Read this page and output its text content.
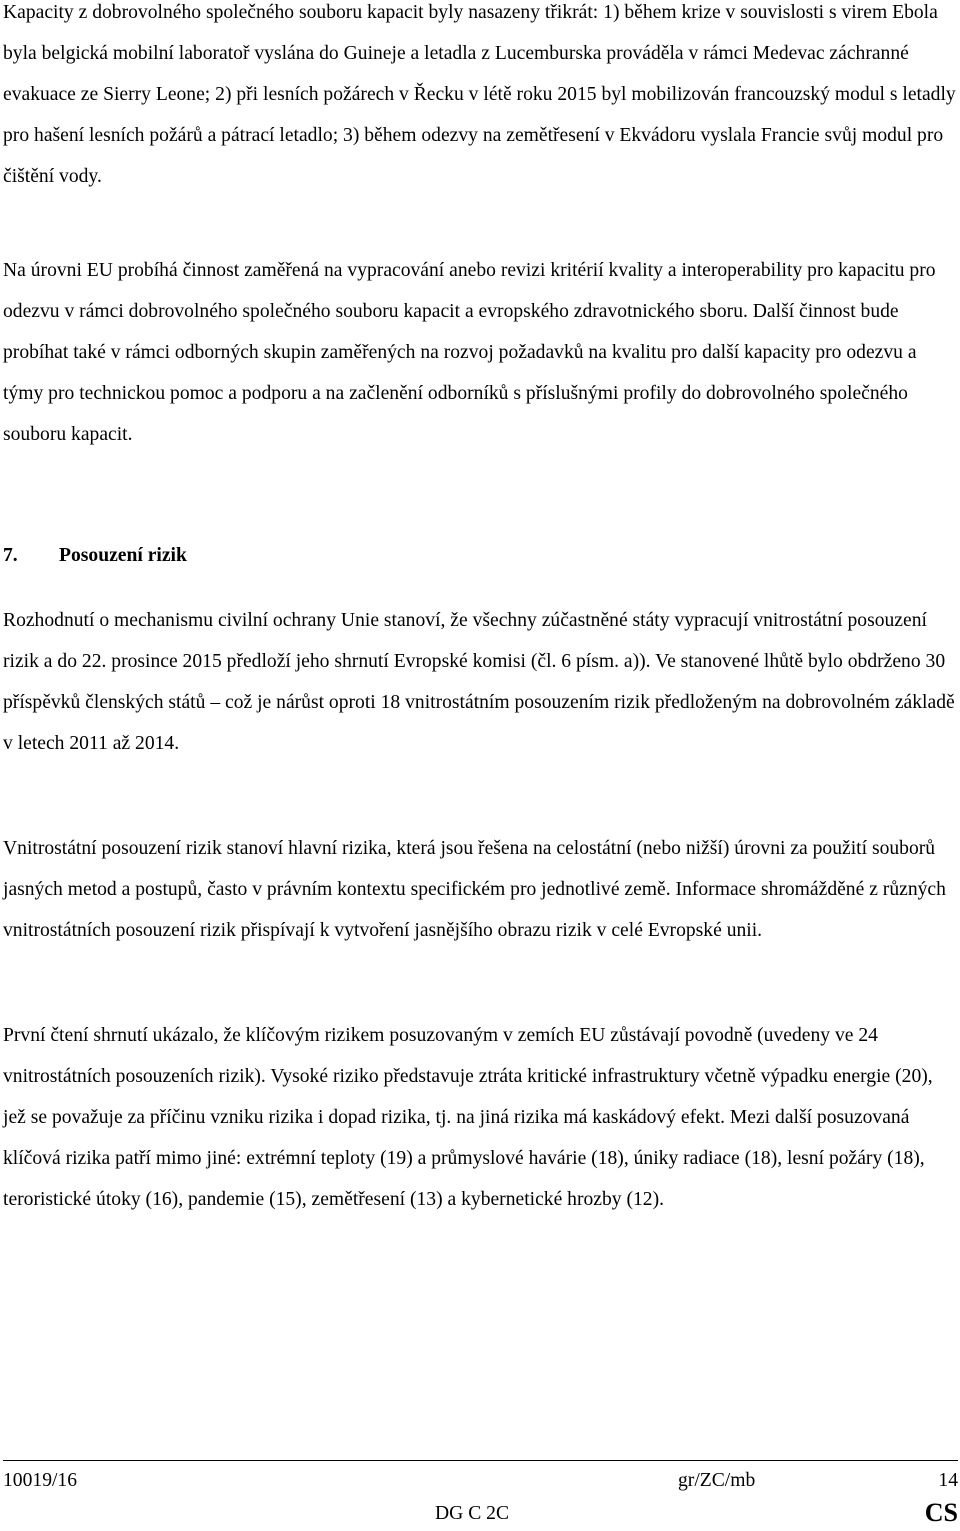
Kapacity z dobrovolného společného souboru kapacit byly nasazeny třikrát: 1) během krize v souvislosti s virem Ebola byla belgická mobilní laboratoř vyslána do Guineje a letadla z Lucemburska prováděla v rámci Medevac záchranné evakuace ze Sierry Leone; 2) při lesních požárech v Řecku v létě roku 2015 byl mobilizován francouzský modul s letadly pro hašení lesních požárů a pátrací letadlo; 3) během odezvy na zemětřesení v Ekvádoru vyslala Francie svůj modul pro čištění vody.

Na úrovni EU probíhá činnost zaměřená na vypracování anebo revizi kritérií kvality a interoperability pro kapacitu pro odezvu v rámci dobrovolného společného souboru kapacit a evropského zdravotnického sboru. Další činnost bude probíhat také v rámci odborných skupin zaměřených na rozvoj požadavků na kvalitu pro další kapacity pro odezvu a týmy pro technickou pomoc a podporu a na začlenění odborníků s příslušnými profily do dobrovolného společného souboru kapacit.

7. Posouzení rizik

Rozhodnutí o mechanismu civilní ochrany Unie stanoví, že všechny zúčastněné státy vypracují vnitrostátní posouzení rizik a do 22. prosince 2015 předloží jeho shrnutí Evropské komisi (čl. 6 písm. a)). Ve stanovené lhůtě bylo obdrženo 30 příspěvků členských států – což je nárůst oproti 18 vnitrostátním posouzením rizik předloženým na dobrovolném základě v letech 2011 až 2014.

Vnitrostátní posouzení rizik stanoví hlavní rizika, která jsou řešena na celostátní (nebo nižší) úrovni za použití souborů jasných metod a postupů, často v právním kontextu specifickém pro jednotlivé země. Informace shromážděné z různých vnitrostátních posouzení rizik přispívají k vytvoření jasnějšího obrazu rizik v celé Evropské unii.

První čtení shrnutí ukázalo, že klíčovým rizikem posuzovaným v zemích EU zůstávají povodně (uvedeny ve 24 vnitrostátních posouzeních rizik). Vysoké riziko představuje ztráta kritické infrastruktury včetně výpadku energie (20), jež se považuje za příčinu vzniku rizika i dopad rizika, tj. na jiná rizika má kaskádový efekt. Mezi další posuzovaná klíčová rizika patří mimo jiné: extrémní teploty (19) a průmyslové havárie (18), úniky radiace (18), lesní požáry (18), teroristické útoky (16), pandemie (15), zemětřesení (13) a kybernetické hrozby (12).

10019/16	gr/ZC/mb	14
DG C 2C	CS
